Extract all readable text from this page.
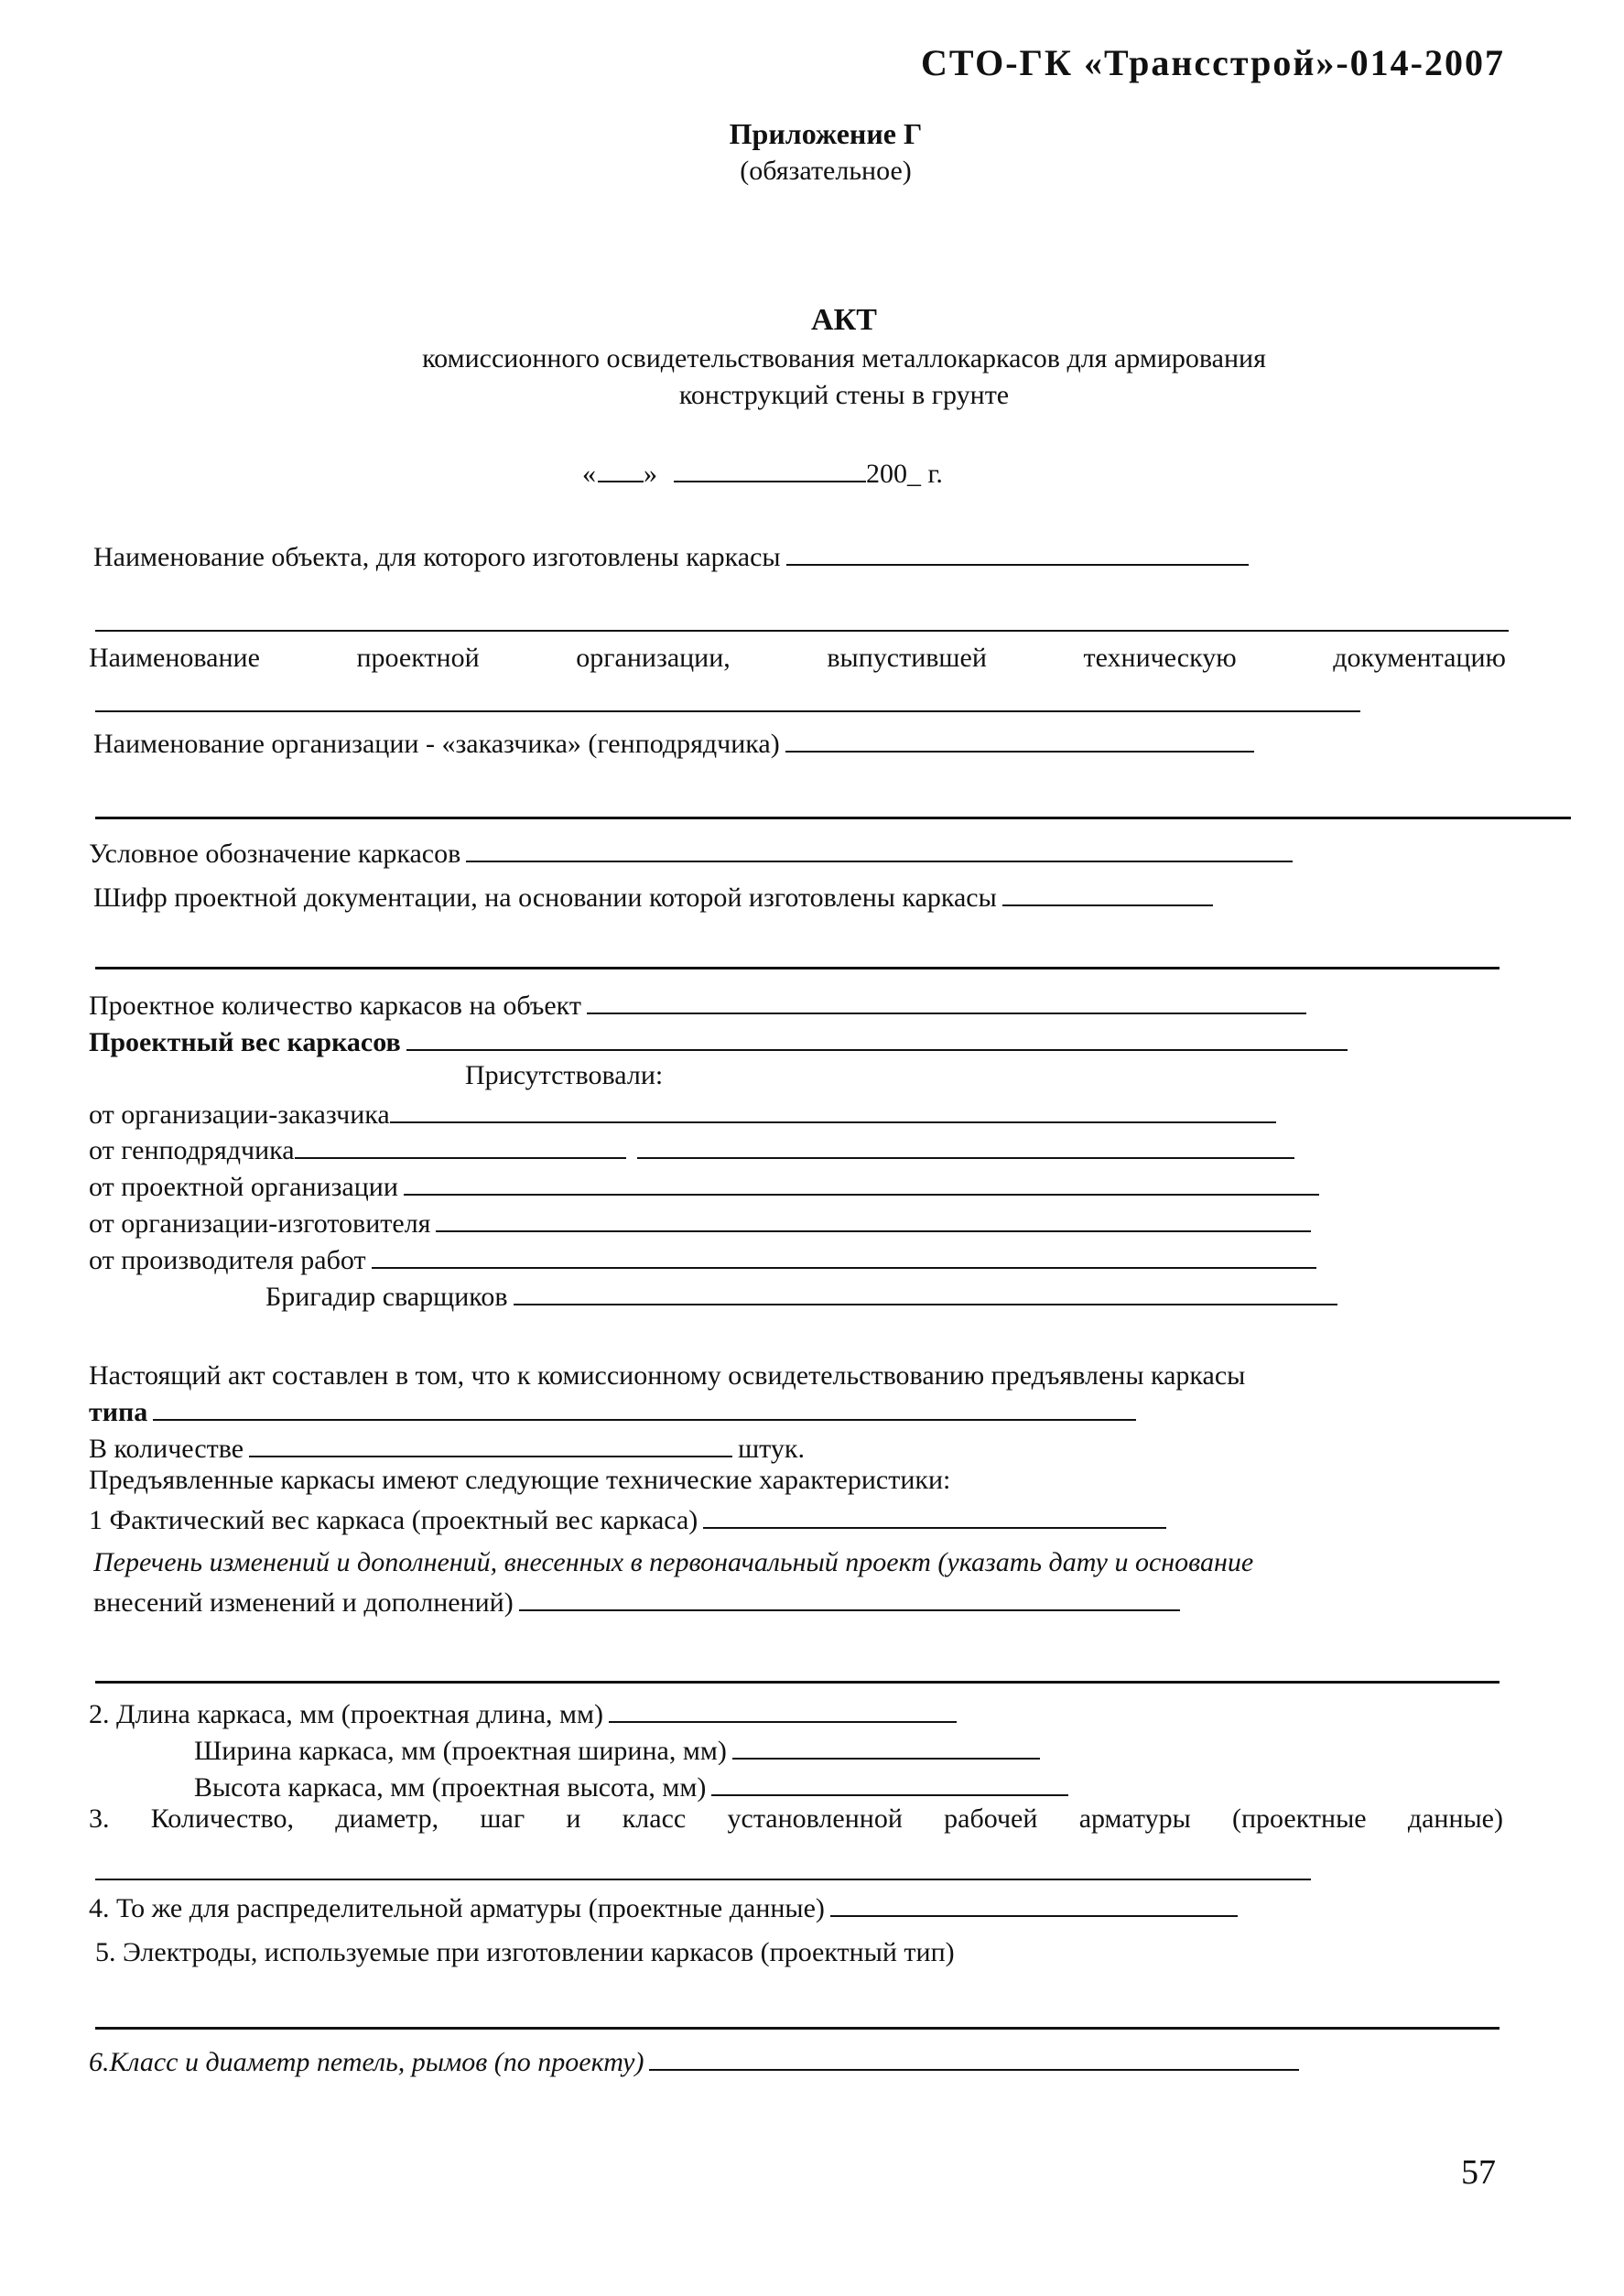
СТО-ГК «Трансстрой»-014-2007
Приложение Г
(обязательное)
АКТ
комиссионного освидетельствования металлокаркасов для армирования
конструкций стены в грунте
« »	200_ г.
Наименование объекта, для которого изготовлены каркасы
Наименование	проектной	организации,	выпустившей	техническую	документацию
Наименование организации - «заказчика» (генподрядчика)
Условное обозначение каркасов
Шифр проектной документации, на основании которой изготовлены каркасы
Проектное количество каркасов на объект
Проектный вес каркасов
Присутствовали:
от организации-заказчика
от генподрядчика
от проектной организации
от организации-изготовителя
от производителя работ
Бригадир сварщиков
Настоящий акт составлен в том, что к комиссионному освидетельствованию предъявлены каркасы
типа
В количестве	штук.
Предъявленные каркасы имеют следующие технические характеристики:
1 Фактический вес каркаса (проектный вес каркаса)
Перечень изменений и дополнений, внесенных в первоначальный проект (указать дату и основание
внесений изменений и дополнений)
2. Длина каркаса, мм (проектная длина, мм)
Ширина каркаса, мм (проектная ширина, мм)
Высота каркаса, мм (проектная высота, мм)
3. Количество, диаметр, шаг и класс установленной рабочей арматуры (проектные данные)
4. То же для распределительной арматуры (проектные данные)
5. Электроды, используемые при изготовлении каркасов (проектный тип)
6.Класс и диаметр петель, рымов (по проекту)
57
